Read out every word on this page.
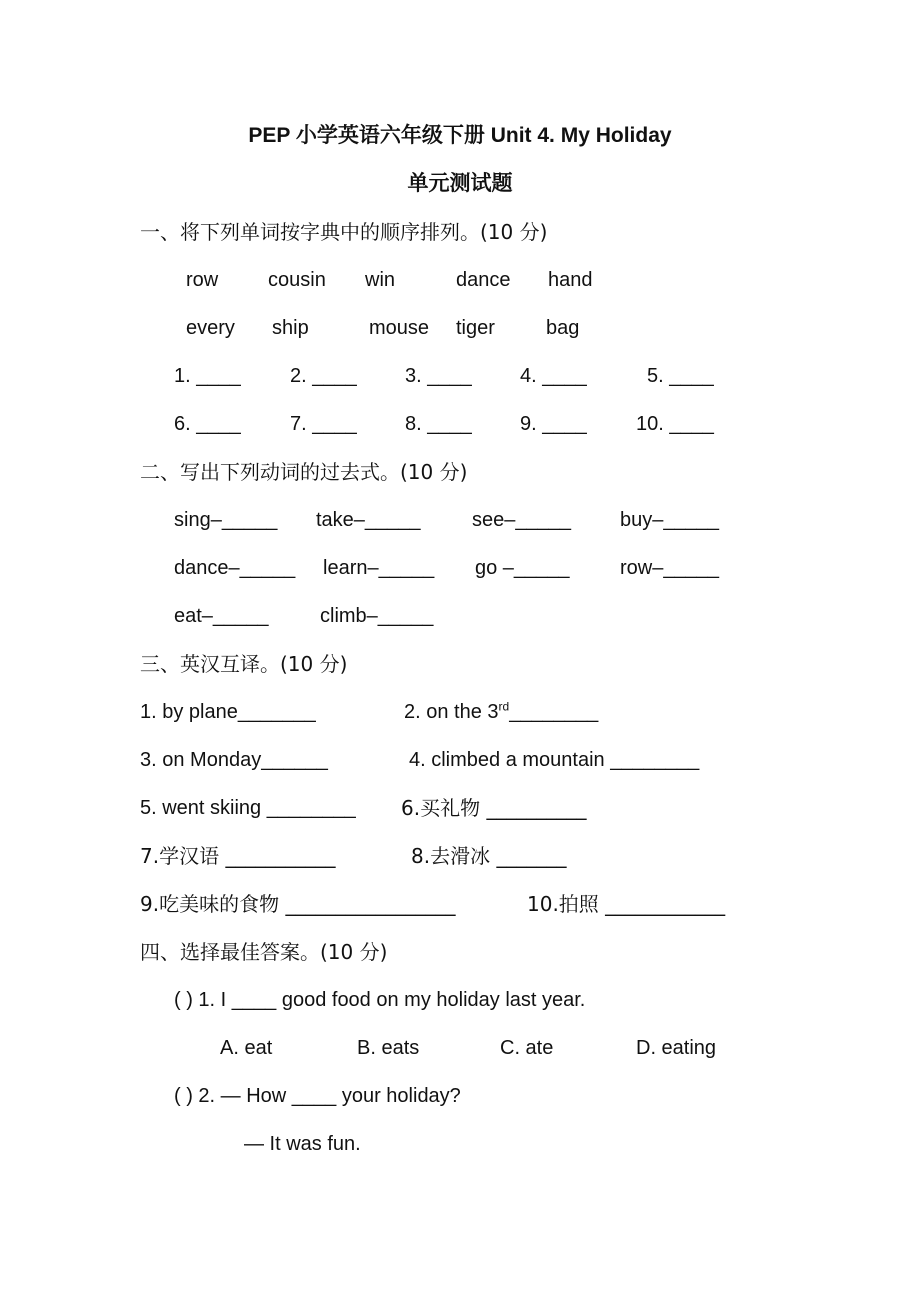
PEP 小学英语六年级下册 Unit 4. My Holiday
单元测试题
一、将下列单词按字典中的顺序排列。(10 分)
row cousin win	dance hand
every ship	mouse tiger	bag
1. ____ 2. ____ 3. ____ 4. ____	5. ____
6. ____ 7. ____ 8. ____ 9. ____ 10. ____
二、写出下列动词的过去式。(10 分)
sing–_____ take–_____	see–_____ buy–_____
dance–_____ learn–_____ go –_____	row–_____
eat–_____	climb–_____
三、英汉互译。(10 分)
1. by plane_______	2. on the 3rd________
3. on Monday______	4. climbed a mountain ________
5. went skiing ________ 6.买礼物 __________
7.学汉语 ___________	8.去滑冰 _______
9.吃美味的食物 _________________	10.拍照 ____________
四、选择最佳答案。(10 分)
( ) 1. I ____ good food on my holiday last year.
A. eat	B. eats	C. ate	D. eating
( ) 2. — How ____ your holiday?
— It was fun.
